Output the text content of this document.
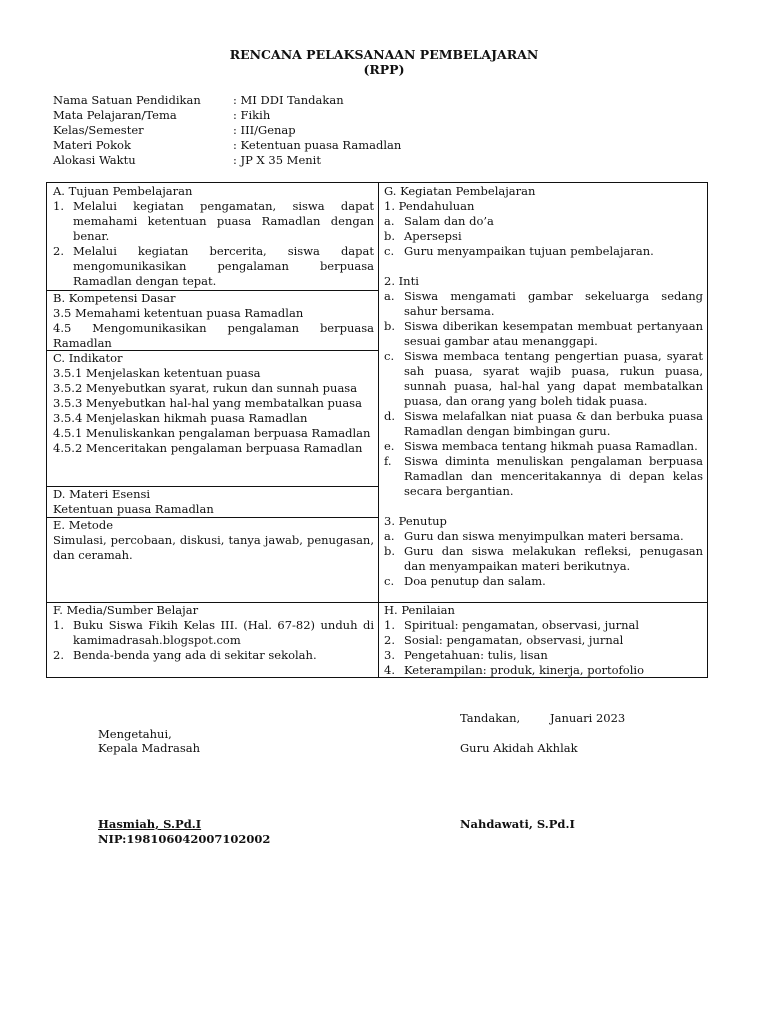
RENCANA PELAKSANAAN PEMBELAJARAN
(RPP)
Nama Satuan Pendidikan	: MI DDI Tandakan
Mata Pelajaran/Tema	: Fikih
Kelas/Semester	: III/Genap
Materi Pokok	: Ketentuan puasa Ramadlan
Alokasi Waktu	: JP X 35 Menit
A. Tujuan Pembelajaran
1. Melalui kegiatan pengamatan, siswa dapat memahami ketentuan puasa Ramadlan dengan benar.
2. Melalui kegiatan bercerita, siswa dapat mengomunikasikan pengalaman berpuasa Ramadlan dengan tepat.
B. Kompetensi Dasar
3.5 Memahami ketentuan puasa Ramadlan
4.5 Mengomunikasikan pengalaman berpuasa Ramadlan
C. Indikator
3.5.1 Menjelaskan ketentuan puasa
3.5.2 Menyebutkan syarat, rukun dan sunnah puasa
3.5.3 Menyebutkan hal-hal yang membatalkan puasa
3.5.4 Menjelaskan hikmah puasa Ramadlan
4.5.1 Menuliskankan pengalaman berpuasa Ramadlan
4.5.2 Menceritakan pengalaman berpuasa Ramadlan
D. Materi Esensi
Ketentuan puasa Ramadlan
E. Metode
Simulasi, percobaan, diskusi, tanya jawab, penugasan, dan ceramah.
F. Media/Sumber Belajar
1. Buku Siswa Fikih Kelas III. (Hal. 67-82) unduh di kamimadrasah.blogspot.com
2. Benda-benda yang ada di sekitar sekolah.
G. Kegiatan Pembelajaran
1. Pendahuluan
a. Salam dan do’a
b. Apersepsi
c. Guru menyampaikan tujuan pembelajaran.
2. Inti
a. Siswa mengamati gambar sekeluarga sedang sahur bersama.
b. Siswa diberikan kesempatan membuat pertanyaan sesuai gambar atau menanggapi.
c. Siswa membaca tentang pengertian puasa, syarat sah puasa, syarat wajib puasa, rukun puasa, sunnah puasa, hal-hal yang dapat membatalkan puasa, dan orang yang boleh tidak puasa.
d. Siswa melafalkan niat puasa & dan berbuka puasa Ramadlan dengan bimbingan guru.
e. Siswa membaca tentang hikmah puasa Ramadlan.
f.	Siswa diminta menuliskan pengalaman berpuasa Ramadlan dan menceritakannya di depan kelas secara bergantian.
3. Penutup
a. Guru dan siswa menyimpulkan materi bersama.
b. Guru dan siswa melakukan refleksi, penugasan dan menyampaikan materi berikutnya.
c. Doa penutup dan salam.
H. Penilaian
1. Spiritual: pengamatan, observasi, jurnal
2. Sosial: pengamatan, observasi, jurnal
3. Pengetahuan: tulis, lisan
4. Keterampilan: produk, kinerja, portofolio
Tandakan,	Januari 2023
Mengetahui,
Kepala Madrasah	Guru Akidah Akhlak
Hasmiah, S.Pd.I	Nahdawati, S.Pd.I
NIP:198106042007102002
